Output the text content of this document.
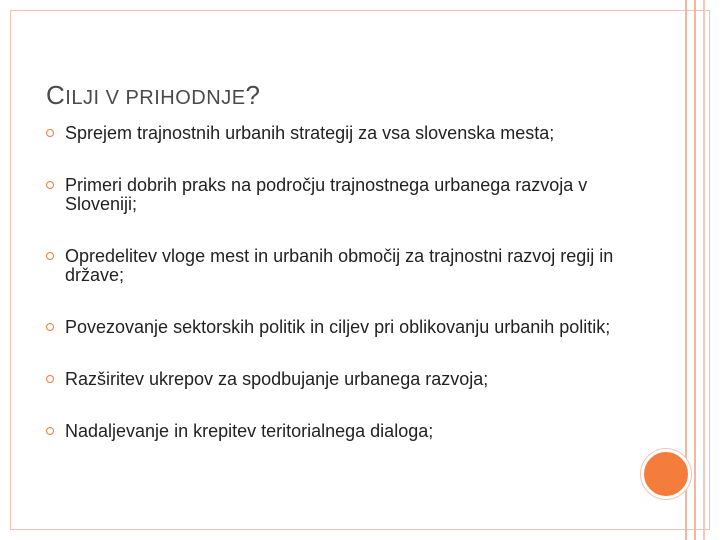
CILJI V PRIHODNJE?
Sprejem trajnostnih urbanih strategij za vsa slovenska mesta;
Primeri dobrih praks na področju trajnostnega urbanega razvoja v Sloveniji;
Opredelitev vloge mest in urbanih območij za trajnostni razvoj regij in države;
Povezovanje sektorskih politik in ciljev pri oblikovanju urbanih politik;
Razširitev ukrepov za spodbujanje urbanega razvoja;
Nadaljevanje in krepitev teritorialnega dialoga;
